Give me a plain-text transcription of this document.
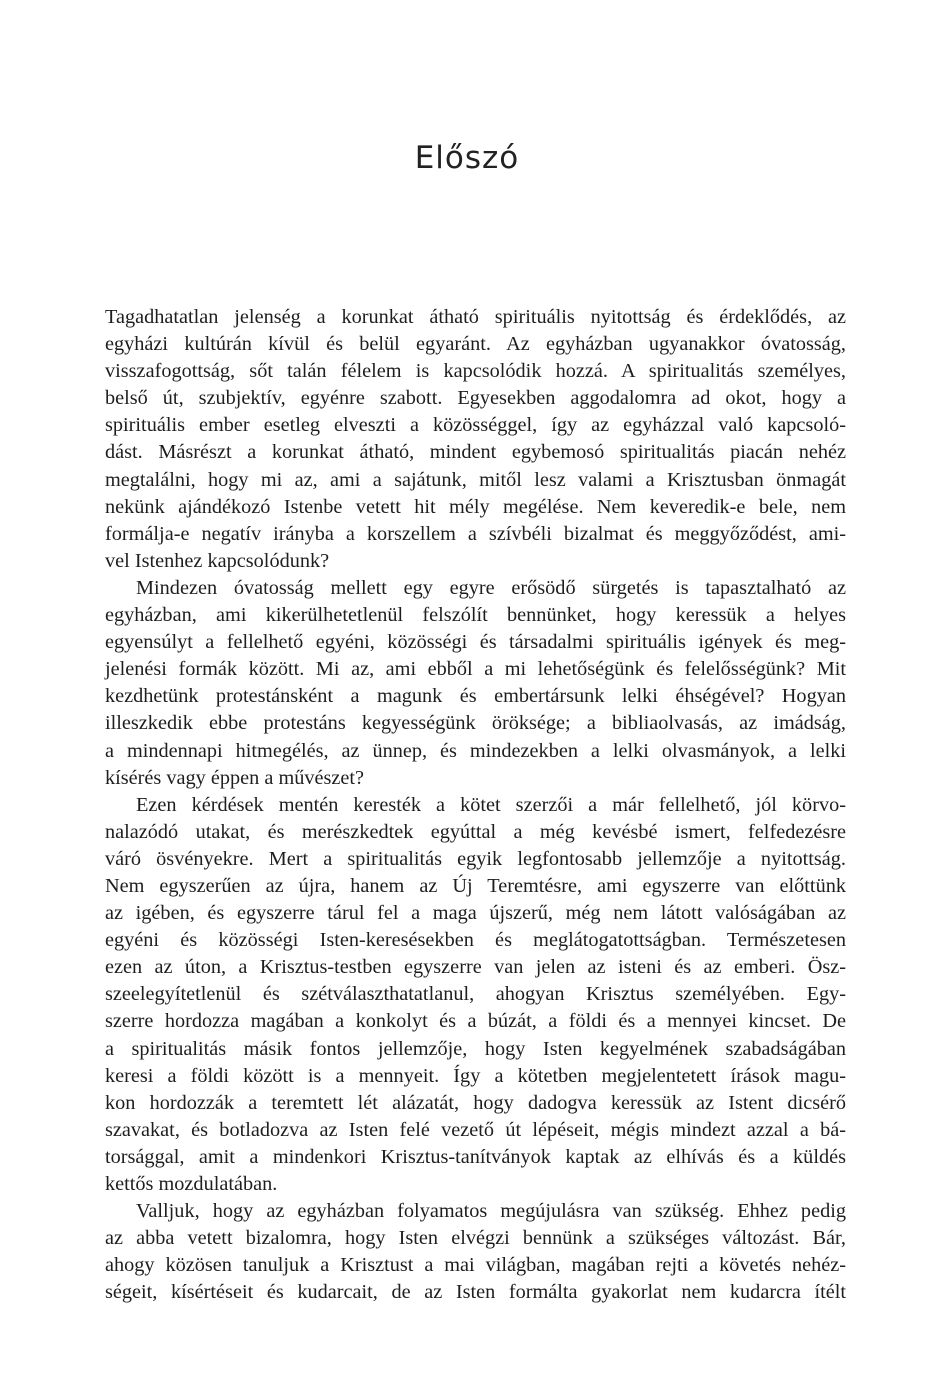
Előszó

Tagadhatatlan jelenség a korunkat átható spirituális nyitottság és érdeklődés, az
egyházi kultúrán kívül és belül egyaránt. Az egyházban ugyanakkor óvatosság,
visszafogottság, sőt talán félelem is kapcsolódik hozzá. A spiritualitás személyes,
belső út, szubjektív, egyénre szabott. Egyesekben aggodalomra ad okot, hogy a
spirituális ember esetleg elveszti a közösséggel, így az egyházzal való kapcsoló-
dást. Másrészt a korunkat átható, mindent egybemosó spiritualitás piacán nehéz
megtalálni, hogy mi az, ami a sajátunk, mitől lesz valami a Krisztusban önmagát
nekünk ajándékozó Istenbe vetett hit mély megélése. Nem keveredik-e bele, nem
formálja-e negatív irányba a korszellem a szívbéli bizalmat és meggyőződést, ami-
vel Istenhez kapcsolódunk?

Mindezen óvatosság mellett egy egyre erősödő sürgetés is tapasztalható az
egyházban, ami kikerülhetetlenül felszólít bennünket, hogy keressük a helyes
egyensúlyt a fellelhető egyéni, közösségi és társadalmi spirituális igények és meg-
jelenési formák között. Mi az, ami ebből a mi lehetőségünk és felelősségünk? Mit
kezdhetünk protestánsként a magunk és embertársunk lelki éhségével? Hogyan
illeszkedik ebbe protestáns kegyességünk öröksége; a bibliaolvasás, az imádság,
a mindennapi hitmegélés, az ünnep, és mindezekben a lelki olvasmányok, a lelki
kísérés vagy éppen a művészet?

Ezen kérdések mentén keresték a kötet szerzői a már fellelhető, jól körvo-
nalazódó utakat, és merészkedtek egyúttal a még kevésbé ismert, felfedezésre
váró ösvényekre. Mert a spiritualitás egyik legfontosabb jellemzője a nyitottság.
Nem egyszerűen az újra, hanem az Új Teremtésre, ami egyszerre van előttünk
az igében, és egyszerre tárul fel a maga újszerű, még nem látott valóságában az
egyéni és közösségi Isten-keresésekben és meglátogatottságban. Természetesen
ezen az úton, a Krisztus-testben egyszerre van jelen az isteni és az emberi. Ösz-
szeelegyítetlenül és szétválaszthatatlanul, ahogyan Krisztus személyében. Egy-
szerre hordozza magában a konkolyt és a búzát, a földi és a mennyei kincset. De
a spiritualitás másik fontos jellemzője, hogy Isten kegyelmének szabadságában
keresi a földi között is a mennyeit. Így a kötetben megjelentetett írások magu-
kon hordozzák a teremtett lét alázatát, hogy dadogva keressük az Istent dicsérő
szavakat, és botladozva az Isten felé vezető út lépéseit, mégis mindezt azzal a bá-
torsággal, amit a mindenkori Krisztus-tanítványok kaptak az elhívás és a küldés
kettős mozdulatában.

Valljuk, hogy az egyházban folyamatos megújulásra van szükség. Ehhez pedig
az abba vetett bizalomra, hogy Isten elvégzi bennünk a szükséges változást. Bár,
ahogy közösen tanuljuk a Krisztust a mai világban, magában rejti a követés nehéz-
ségeit, kísértéseit és kudarcait, de az Isten formálta gyakorlat nem kudarcra ítélt
